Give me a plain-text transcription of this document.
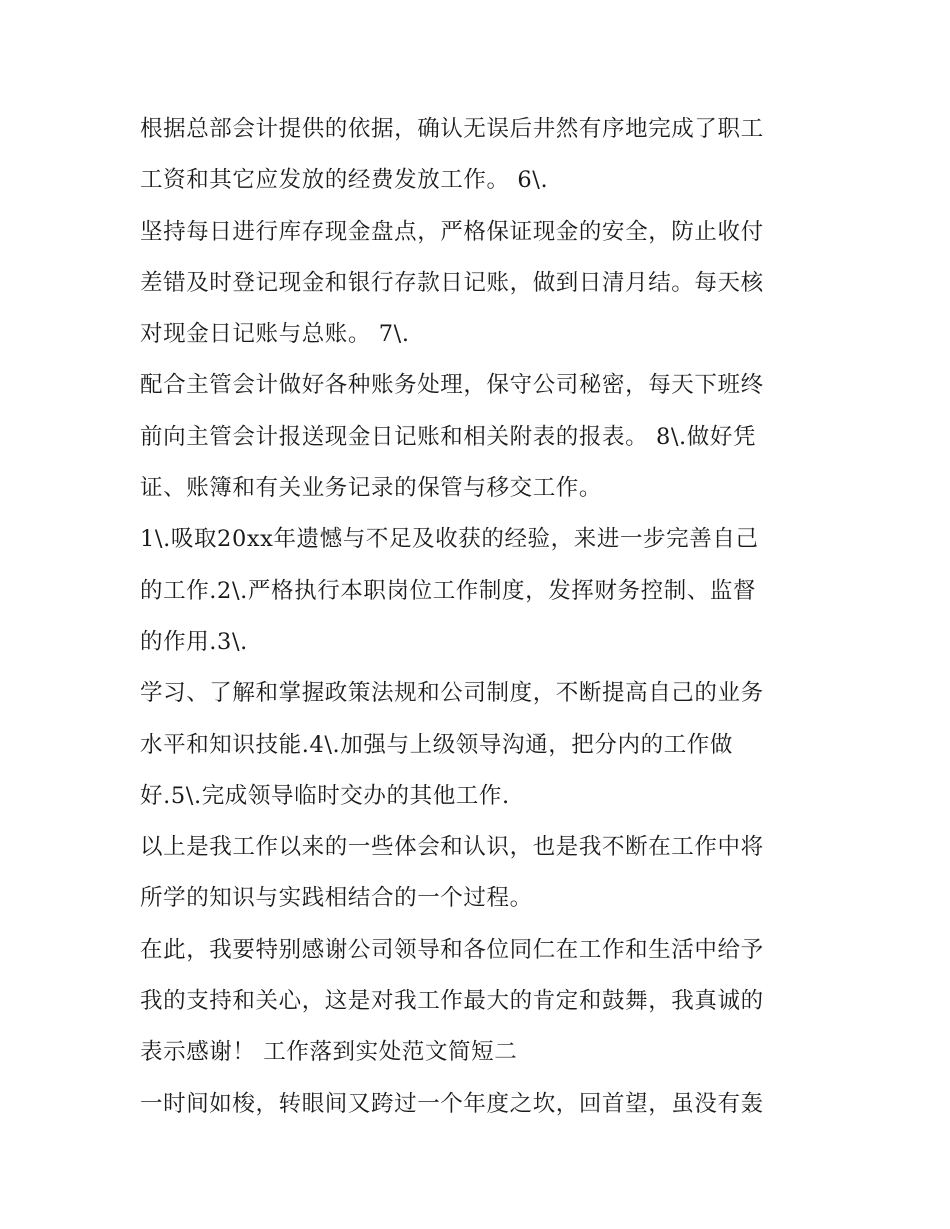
根据总部会计提供的依据，确认无误后井然有序地完成了职工
工资和其它应发放的经费发放工作。 6\.
坚持每日进行库存现金盘点，严格保证现金的安全，防止收付
差错及时登记现金和银行存款日记账，做到日清月结。每天核
对现金日记账与总账。 7\.
配合主管会计做好各种账务处理，保守公司秘密，每天下班终
前向主管会计报送现金日记账和相关附表的报表。 8\.做好凭
证、账簿和有关业务记录的保管与移交工作。
1\.吸取20xx年遗憾与不足及收获的经验，来进一步完善自己
的工作.2\.严格执行本职岗位工作制度，发挥财务控制、监督
的作用.3\.
学习、了解和掌握政策法规和公司制度，不断提高自己的业务
水平和知识技能.4\.加强与上级领导沟通，把分内的工作做
好.5\.完成领导临时交办的其他工作.
以上是我工作以来的一些体会和认识，也是我不断在工作中将
所学的知识与实践相结合的一个过程。
在此，我要特别感谢公司领导和各位同仁在工作和生活中给予
我的支持和关心，这是对我工作最大的肯定和鼓舞，我真诚的
表示感谢！ 工作落到实处范文简短二
一时间如梭，转眼间又跨过一个年度之坎，回首望，虽没有轰
